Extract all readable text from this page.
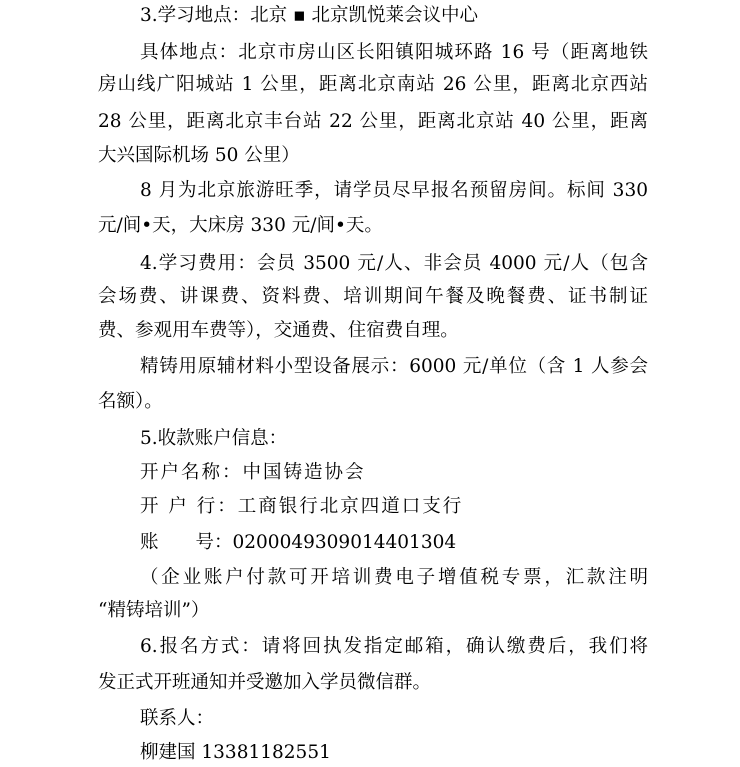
3.学习地点：北京 ▪ 北京凯悦莱会议中心
具体地点：北京市房山区长阳镇阳城环路 16 号（距离地铁
房山线广阳城站 1 公里，距离北京南站 26 公里，距离北京西站
28 公里，距离北京丰台站 22 公里，距离北京站 40 公里，距离
大兴国际机场 50 公里）
8 月为北京旅游旺季，请学员尽早报名预留房间。标间 330
元/间•天，大床房 330 元/间•天。
4.学习费用：会员 3500 元/人、非会员 4000 元/人（包含
会场费、讲课费、资料费、培训期间午餐及晚餐费、证书制证
费、参观用车费等），交通费、住宿费自理。
精铸用原辅材料小型设备展示：6000 元/单位（含 1 人参会
名额）。
5.收款账户信息：
开户名称：中国铸造协会
开 户 行：工商银行北京四道口支行
账　　号：0200049309014401304
（企业账户付款可开培训费电子增值税专票，汇款注明
“精铸培训”）
6.报名方式：请将回执发指定邮箱，确认缴费后，我们将
发正式开班通知并受邀加入学员微信群。
联系人：
柳建国 13381182551
